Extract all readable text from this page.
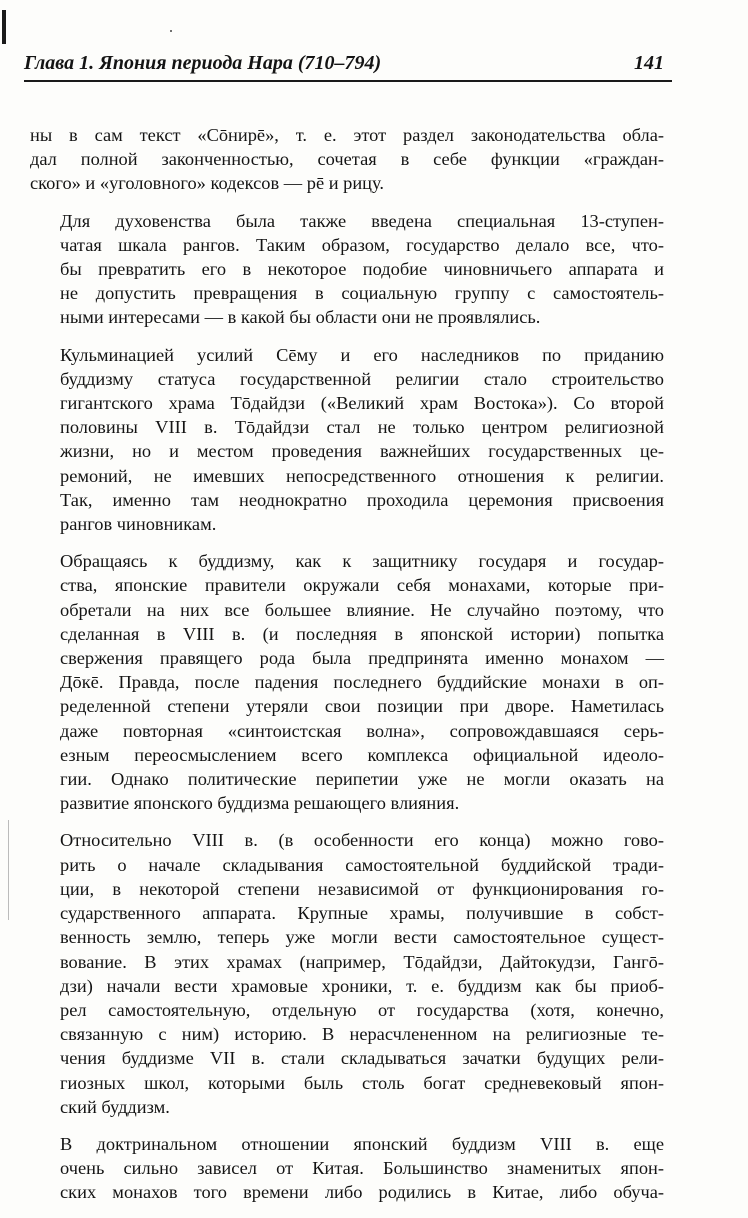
Глава 1. Япония периода Нара (710–794)	141

ны в сам текст «Сōнирē», т. е. этот раздел законодательства обла-
дал полной законченностью, сочетая в себе функции «граждан-
ского» и «уголовного» кодексов — рē и рицу.

Для духовенства была также введена специальная 13-ступен-
чатая шкала рангов. Таким образом, государство делало все, что-
бы превратить его в некоторое подобие чиновничьего аппарата и
не допустить превращения в социальную группу с самостоятель-
ными интересами — в какой бы области они не проявлялись.

Кульминацией усилий Сēму и его наследников по приданию
буддизму статуса государственной религии стало строительство
гигантского храма Тōдайдзи («Великий храм Востока»). Со второй
половины VIII в. Тōдайдзи стал не только центром религиозной
жизни, но и местом проведения важнейших государственных це-
ремоний, не имевших непосредственного отношения к религии.
Так, именно там неоднократно проходила церемония присвоения
рангов чиновникам.

Обращаясь к буддизму, как к защитнику государя и государ-
ства, японские правители окружали себя монахами, которые при-
обретали на них все большее влияние. Не случайно поэтому, что
сделанная в VIII в. (и последняя в японской истории) попытка
свержения правящего рода была предпринята именно монахом —
Дōкē. Правда, после падения последнего буддийские монахи в оп-
ределенной степени утеряли свои позиции при дворе. Наметилась
даже повторная «синтоистская волна», сопровождавшаяся серь-
езным переосмыслением всего комплекса официальной идеоло-
гии. Однако политические перипетии уже не могли оказать на
развитие японского буддизма решающего влияния.

Относительно VIII в. (в особенности его конца) можно гово-
рить о начале складывания самостоятельной буддийской тради-
ции, в некоторой степени независимой от функционирования го-
сударственного аппарата. Крупные храмы, получившие в собст-
венность землю, теперь уже могли вести самостоятельное сущест-
вование. В этих храмах (например, Тōдайдзи, Дайтокудзи, Гангō-
дзи) начали вести храмовые хроники, т. е. буддизм как бы приоб-
рел самостоятельную, отдельную от государства (хотя, конечно,
связанную с ним) историю. В нерасчлененном на религиозные те-
чения буддизме VII в. стали складываться зачатки будущих рели-
гиозных школ, которыми быль столь богат средневековый япон-
ский буддизм.

В доктринальном отношении японский буддизм VIII в. еще
очень сильно зависел от Китая. Большинство знаменитых япон-
ских монахов того времени либо родились в Китае, либо обуча-
